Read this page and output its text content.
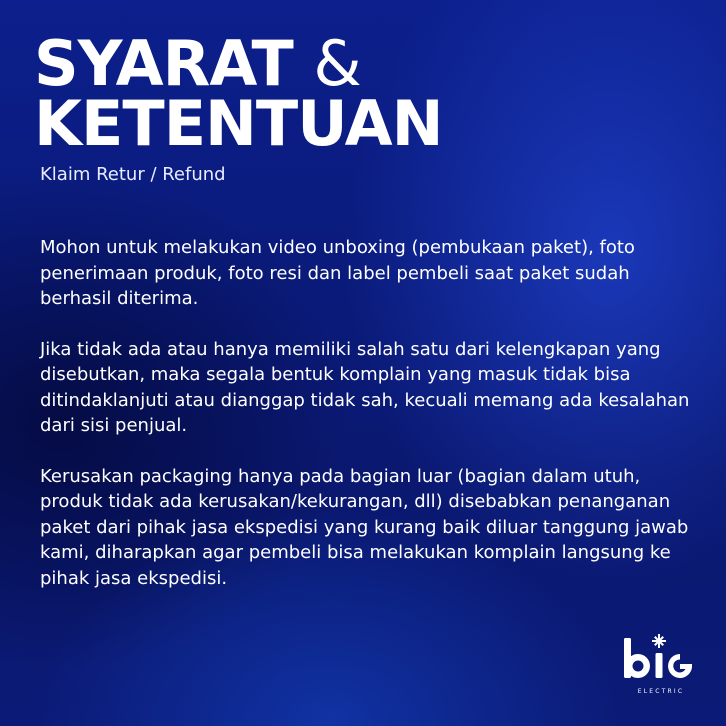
SYARAT &
KETENTUAN
Klaim Retur / Refund

Mohon untuk melakukan video unboxing (pembukaan paket), foto penerimaan produk, foto resi dan label pembeli saat paket sudah berhasil diterima.

Jika tidak ada atau hanya memiliki salah satu dari kelengkapan yang disebutkan, maka segala bentuk komplain yang masuk tidak bisa ditindaklanjuti atau dianggap tidak sah, kecuali memang ada kesalahan dari sisi penjual.

Kerusakan packaging hanya pada bagian luar (bagian dalam utuh, produk tidak ada kerusakan/kekurangan, dll) disebabkan penanganan paket dari pihak jasa ekspedisi yang kurang baik diluar tanggung jawab kami, diharapkan agar pembeli bisa melakukan komplain langsung ke pihak jasa ekspedisi.

ELECTRIC
